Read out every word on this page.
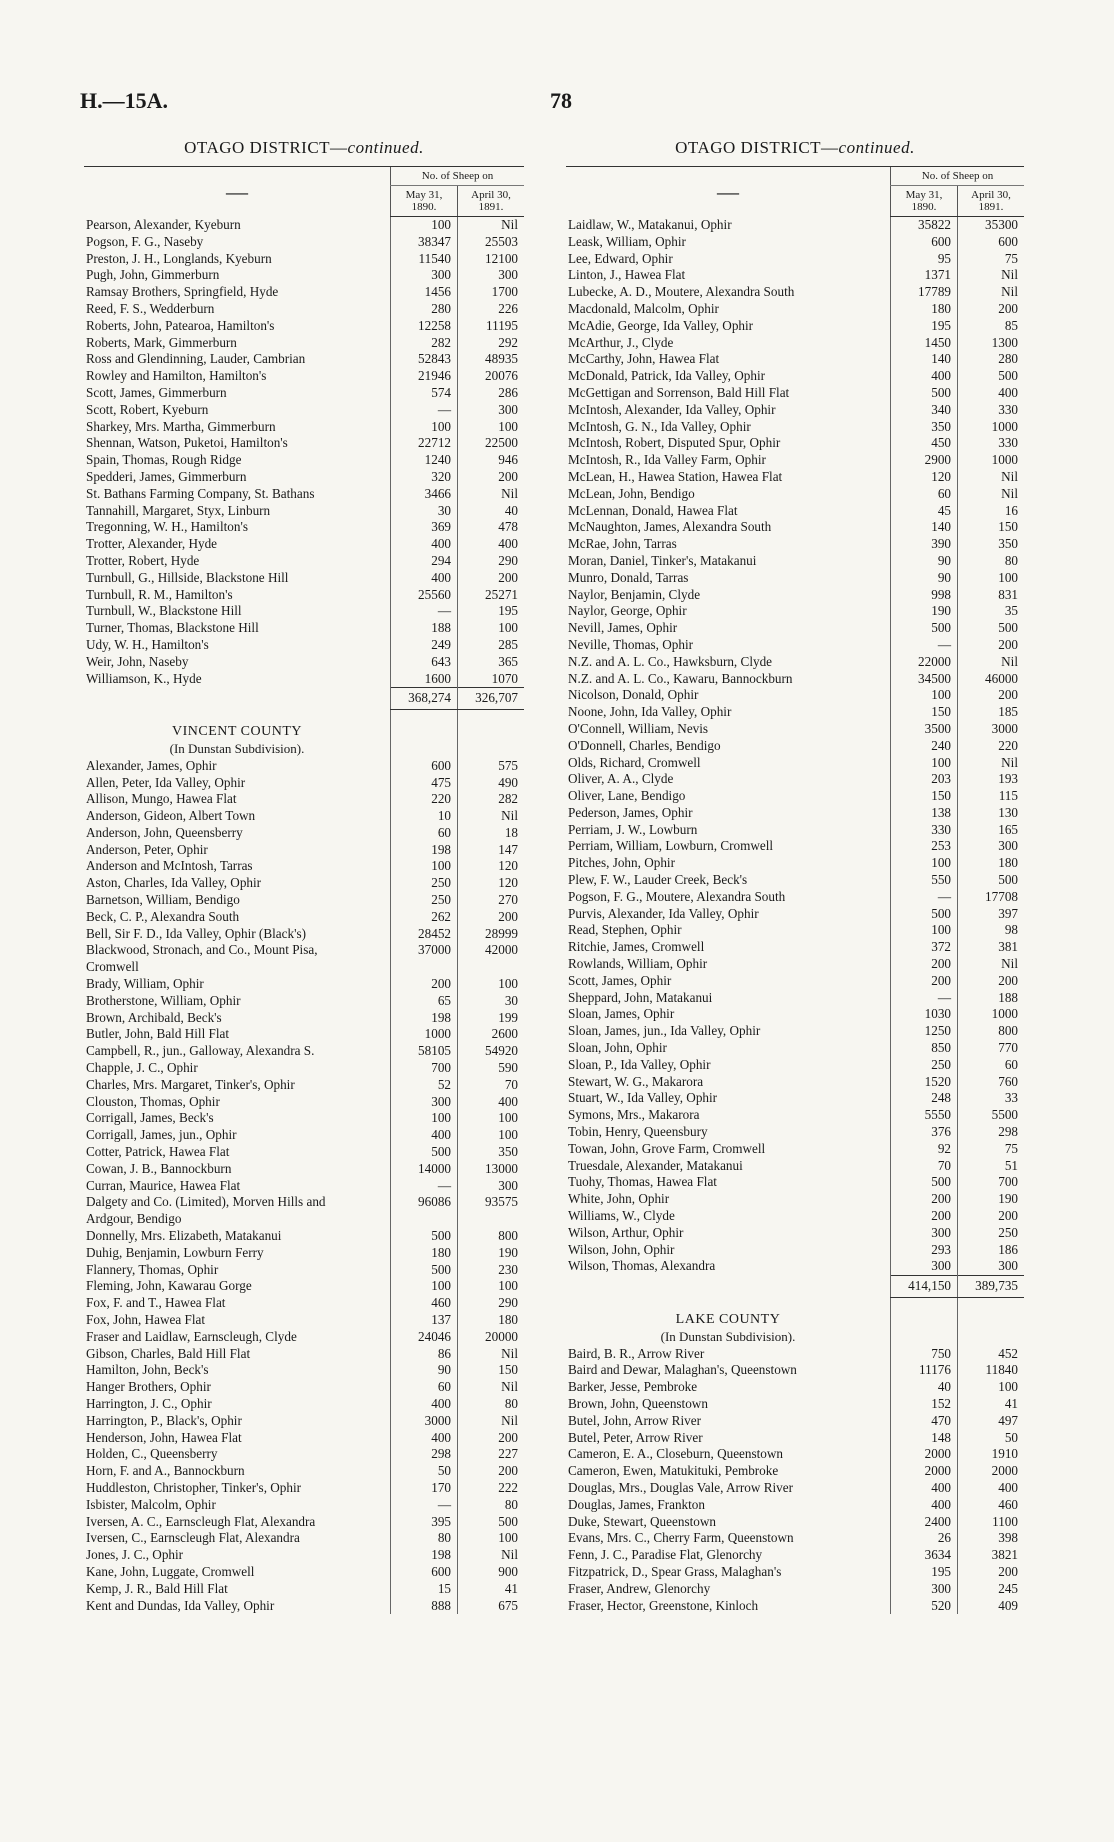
H.—15A.	78
OTAGO DISTRICT—continued.
—	No. of Sheep on	
	May 31, 1890.	April 30, 1891.
Pearson, Alexander, Kyeburn	100	Nil
Pogson, F. G., Naseby	38347	25503
Preston, J. H., Longlands, Kyeburn	11540	12100
Pugh, John, Gimmerburn	300	300
Ramsay Brothers, Springfield, Hyde	1456	1700
Reed, F. S., Wedderburn	280	226
Roberts, John, Patearoa, Hamilton's	12258	11195
Roberts, Mark, Gimmerburn	282	292
Ross and Glendinning, Lauder, Cambrian	52843	48935
Rowley and Hamilton, Hamilton's	21946	20076
Scott, James, Gimmerburn	574	286
Scott, Robert, Kyeburn	—	300
Sharkey, Mrs. Martha, Gimmerburn	100	100
Shennan, Watson, Puketoi, Hamilton's	22712	22500
Spain, Thomas, Rough Ridge	1240	946
Spedderi, James, Gimmerburn	320	200
St. Bathans Farming Company, St. Bathans	3466	Nil
Tannahill, Margaret, Styx, Linburn	30	40
Tregonning, W. H., Hamilton's	369	478
Trotter, Alexander, Hyde	400	400
Trotter, Robert, Hyde	294	290
Turnbull, G., Hillside, Blackstone Hill	400	200
Turnbull, R. M., Hamilton's	25560	25271
Turnbull, W., Blackstone Hill	—	195
Turner, Thomas, Blackstone Hill	188	100
Udy, W. H., Hamilton's	249	285
Weir, John, Naseby	643	365
Williamson, K., Hyde	1600	1070
	368,274	326,707

VINCENT COUNTY		
(In Dunstan Subdivision).		
Alexander, James, Ophir	600	575
Allen, Peter, Ida Valley, Ophir	475	490
Allison, Mungo, Hawea Flat	220	282
Anderson, Gideon, Albert Town	10	Nil
Anderson, John, Queensberry	60	18
Anderson, Peter, Ophir	198	147
Anderson and McIntosh, Tarras	100	120
Aston, Charles, Ida Valley, Ophir	250	120
Barnetson, William, Bendigo	250	270
Beck, C. P., Alexandra South	262	200
Bell, Sir F. D., Ida Valley, Ophir (Black's)	28452	28999
Blackwood, Stronach, and Co., Mount Pisa,	37000	42000
Cromwell		
Brady, William, Ophir	200	100
Brotherstone, William, Ophir	65	30
Brown, Archibald, Beck's	198	199
Butler, John, Bald Hill Flat	1000	2600
Campbell, R., jun., Galloway, Alexandra S.	58105	54920
Chapple, J. C., Ophir	700	590
Charles, Mrs. Margaret, Tinker's, Ophir	52	70
Clouston, Thomas, Ophir	300	400
Corrigall, James, Beck's	100	100
Corrigall, James, jun., Ophir	400	100
Cotter, Patrick, Hawea Flat	500	350
Cowan, J. B., Bannockburn	14000	13000
Curran, Maurice, Hawea Flat	—	300
Dalgety and Co. (Limited), Morven Hills and	96086	93575
Ardgour, Bendigo		
Donnelly, Mrs. Elizabeth, Matakanui	500	800
Duhig, Benjamin, Lowburn Ferry	180	190
Flannery, Thomas, Ophir	500	230
Fleming, John, Kawarau Gorge	100	100
Fox, F. and T., Hawea Flat	460	290
Fox, John, Hawea Flat	137	180
Fraser and Laidlaw, Earnscleugh, Clyde	24046	20000
Gibson, Charles, Bald Hill Flat	86	Nil
Hamilton, John, Beck's	90	150
Hanger Brothers, Ophir	60	Nil
Harrington, J. C., Ophir	400	80
Harrington, P., Black's, Ophir	3000	Nil
Henderson, John, Hawea Flat	400	200
Holden, C., Queensberry	298	227
Horn, F. and A., Bannockburn	50	200
Huddleston, Christopher, Tinker's, Ophir	170	222
Isbister, Malcolm, Ophir	—	80
Iversen, A. C., Earnscleugh Flat, Alexandra	395	500
Iversen, C., Earnscleugh Flat, Alexandra	80	100
Jones, J. C., Ophir	198	Nil
Kane, John, Luggate, Cromwell	600	900
Kemp, J. R., Bald Hill Flat	15	41
Kent and Dundas, Ida Valley, Ophir	888	675
OTAGO DISTRICT—continued.
—	No. of Sheep on	
	May 31, 1890.	April 30, 1891.
Laidlaw, W., Matakanui, Ophir	35822	35300
Leask, William, Ophir	600	600
Lee, Edward, Ophir	95	75
Linton, J., Hawea Flat	1371	Nil
Lubecke, A. D., Moutere, Alexandra South	17789	Nil
Macdonald, Malcolm, Ophir	180	200
McAdie, George, Ida Valley, Ophir	195	85
McArthur, J., Clyde	1450	1300
McCarthy, John, Hawea Flat	140	280
McDonald, Patrick, Ida Valley, Ophir	400	500
McGettigan and Sorrenson, Bald Hill Flat	500	400
McIntosh, Alexander, Ida Valley, Ophir	340	330
McIntosh, G. N., Ida Valley, Ophir	350	1000
McIntosh, Robert, Disputed Spur, Ophir	450	330
McIntosh, R., Ida Valley Farm, Ophir	2900	1000
McLean, H., Hawea Station, Hawea Flat	120	Nil
McLean, John, Bendigo	60	Nil
McLennan, Donald, Hawea Flat	45	16
McNaughton, James, Alexandra South	140	150
McRae, John, Tarras	390	350
Moran, Daniel, Tinker's, Matakanui	90	80
Munro, Donald, Tarras	90	100
Naylor, Benjamin, Clyde	998	831
Naylor, George, Ophir	190	35
Nevill, James, Ophir	500	500
Neville, Thomas, Ophir	—	200
N.Z. and A. L. Co., Hawksburn, Clyde	22000	Nil
N.Z. and A. L. Co., Kawaru, Bannockburn	34500	46000
Nicolson, Donald, Ophir	100	200
Noone, John, Ida Valley, Ophir	150	185
O'Connell, William, Nevis	3500	3000
O'Donnell, Charles, Bendigo	240	220
Olds, Richard, Cromwell	100	Nil
Oliver, A. A., Clyde	203	193
Oliver, Lane, Bendigo	150	115
Pederson, James, Ophir	138	130
Perriam, J. W., Lowburn	330	165
Perriam, William, Lowburn, Cromwell	253	300
Pitches, John, Ophir	100	180
Plew, F. W., Lauder Creek, Beck's	550	500
Pogson, F. G., Moutere, Alexandra South	—	17708
Purvis, Alexander, Ida Valley, Ophir	500	397
Read, Stephen, Ophir	100	98
Ritchie, James, Cromwell	372	381
Rowlands, William, Ophir	200	Nil
Scott, James, Ophir	200	200
Sheppard, John, Matakanui	—	188
Sloan, James, Ophir	1030	1000
Sloan, James, jun., Ida Valley, Ophir	1250	800
Sloan, John, Ophir	850	770
Sloan, P., Ida Valley, Ophir	250	60
Stewart, W. G., Makarora	1520	760
Stuart, W., Ida Valley, Ophir	248	33
Symons, Mrs., Makarora	5550	5500
Tobin, Henry, Queensbury	376	298
Towan, John, Grove Farm, Cromwell	92	75
Truesdale, Alexander, Matakanui	70	51
Tuohy, Thomas, Hawea Flat	500	700
White, John, Ophir	200	190
Williams, W., Clyde	200	200
Wilson, Arthur, Ophir	300	250
Wilson, John, Ophir	293	186
Wilson, Thomas, Alexandra	300	300
	414,150	389,735

LAKE COUNTY		
(In Dunstan Subdivision).		
Baird, B. R., Arrow River	750	452
Baird and Dewar, Malaghan's, Queenstown	11176	11840
Barker, Jesse, Pembroke	40	100
Brown, John, Queenstown	152	41
Butel, John, Arrow River	470	497
Butel, Peter, Arrow River	148	50
Cameron, E. A., Closeburn, Queenstown	2000	1910
Cameron, Ewen, Matukituki, Pembroke	2000	2000
Douglas, Mrs., Douglas Vale, Arrow River	400	400
Douglas, James, Frankton	400	460
Duke, Stewart, Queenstown	2400	1100
Evans, Mrs. C., Cherry Farm, Queenstown	26	398
Fenn, J. C., Paradise Flat, Glenorchy	3634	3821
Fitzpatrick, D., Spear Grass, Malaghan's	195	200
Fraser, Andrew, Glenorchy	300	245
Fraser, Hector, Greenstone, Kinloch	520	409
